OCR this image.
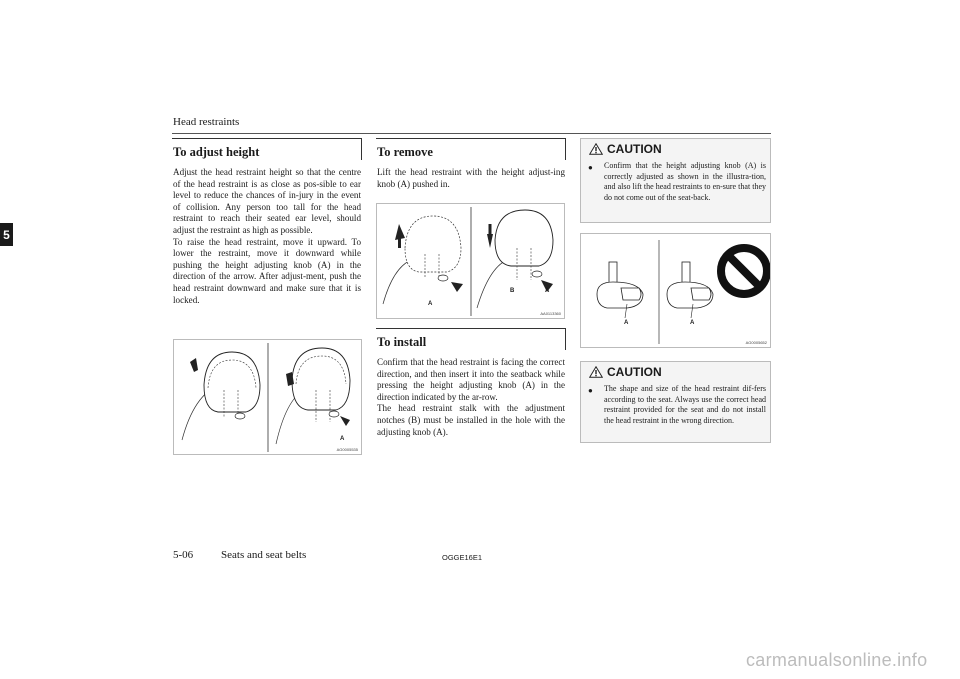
Head restraints
5
To adjust height

Adjust the head restraint height so that the centre of the head restraint is as close as pos-sible to ear level to reduce the chances of in-jury in the event of collision. Any person too tall for the head restraint to reach their seated ear level, should adjust the restraint as high as possible.

To raise the head restraint, move it upward. To lower the restraint, move it downward while pushing the height adjusting knob (A) in the direction of the arrow. After adjust-ment, push the head restraint downward and make sure that it is locked.

A
AG0005535
To remove
Lift the head restraint with the height adjust-ing knob (A) pushed in.
A
B	A
AA0113360
To install

Confirm that the head restraint is facing the correct direction, and then insert it into the seatback while pressing the height adjusting knob (A) in the direction indicated by the ar-row.

The head restraint stalk with the adjustment notches (B) must be installed in the hole with the adjusting knob (A).

CAUTION
● Confirm that the height adjusting knob (A) is correctly adjusted as shown in the illustra-tion, and also lift the head restraints to en-sure that they do not come out of the seat-back.
A	A
AG0005652
CAUTION
● The shape and size of the head restraint dif-fers according to the seat. Always use the correct head restraint provided for the seat and do not install the head restraint in the wrong direction.
5-06	Seats and seat belts	OGGE16E1
carmanualsonline.info
